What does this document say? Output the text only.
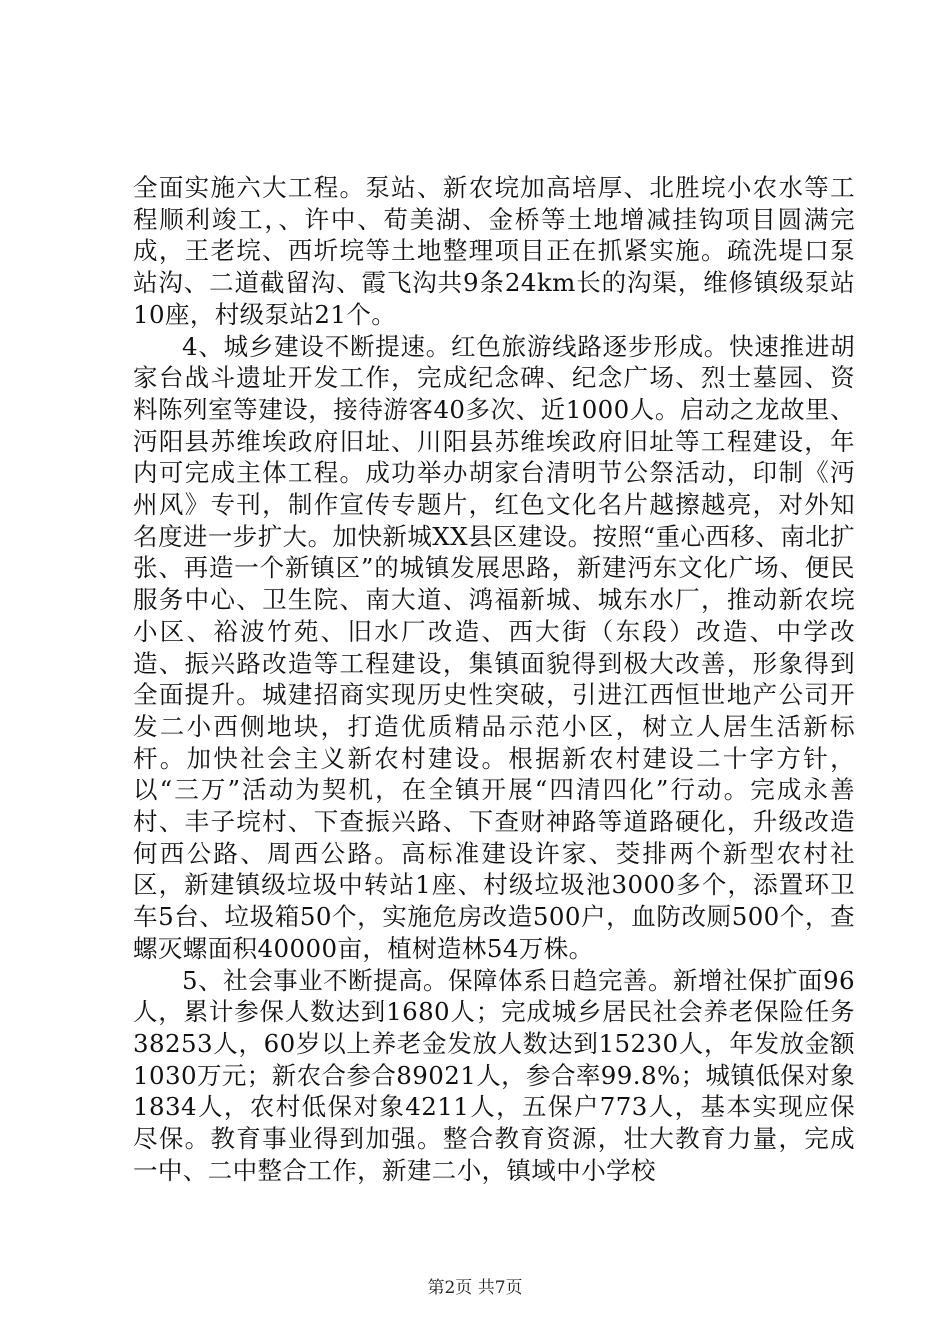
全面实施六大工程。泵站、新农垸加高培厚、北胜垸小农水等工程顺利竣工，、许中、荀美湖、金桥等土地增减挂钩项目圆满完成，王老垸、西圻垸等土地整理项目正在抓紧实施。疏洗堤口泵站沟、二道截留沟、霞飞沟共9条24km长的沟渠，维修镇级泵站10座，村级泵站21个。

4、城乡建设不断提速。红色旅游线路逐步形成。快速推进胡家台战斗遗址开发工作，完成纪念碑、纪念广场、烈士墓园、资料陈列室等建设，接待游客40多次、近1000人。启动之龙故里、沔阳县苏维埃政府旧址、川阳县苏维埃政府旧址等工程建设，年内可完成主体工程。成功举办胡家台清明节公祭活动，印制《沔州风》专刊，制作宣传专题片，红色文化名片越擦越亮，对外知名度进一步扩大。加快新城XX县区建设。按照“重心西移、南北扩张、再造一个新镇区”的城镇发展思路，新建沔东文化广场、便民服务中心、卫生院、南大道、鸿福新城、城东水厂，推动新农垸小区、裕波竹苑、旧水厂改造、西大街（东段）改造、中学改造、振兴路改造等工程建设，集镇面貌得到极大改善，形象得到全面提升。城建招商实现历史性突破，引进江西恒世地产公司开发二小西侧地块，打造优质精品示范小区，树立人居生活新标杆。加快社会主义新农村建设。根据新农村建设二十字方针，以“三万”活动为契机，在全镇开展“四清四化”行动。完成永善村、丰子垸村、下查振兴路、下查财神路等道路硬化，升级改造何西公路、周西公路。高标准建设许家、茭排两个新型农村社区，新建镇级垃圾中转站1座、村级垃圾池3000多个，添置环卫车5台、垃圾箱50个，实施危房改造500户，血防改厕500个，查螺灭螺面积40000亩，植树造林54万株。

5、社会事业不断提高。保障体系日趋完善。新增社保扩面96人，累计参保人数达到1680人；完成城乡居民社会养老保险任务38253人，60岁以上养老金发放人数达到15230人，年发放金额1030万元；新农合参合89021人，参合率99.8%；城镇低保对象1834人，农村低保对象4211人，五保户773人，基本实现应保尽保。教育事业得到加强。整合教育资源，壮大教育力量，完成一中、二中整合工作，新建二小，镇域中小学校

第2页 共7页
